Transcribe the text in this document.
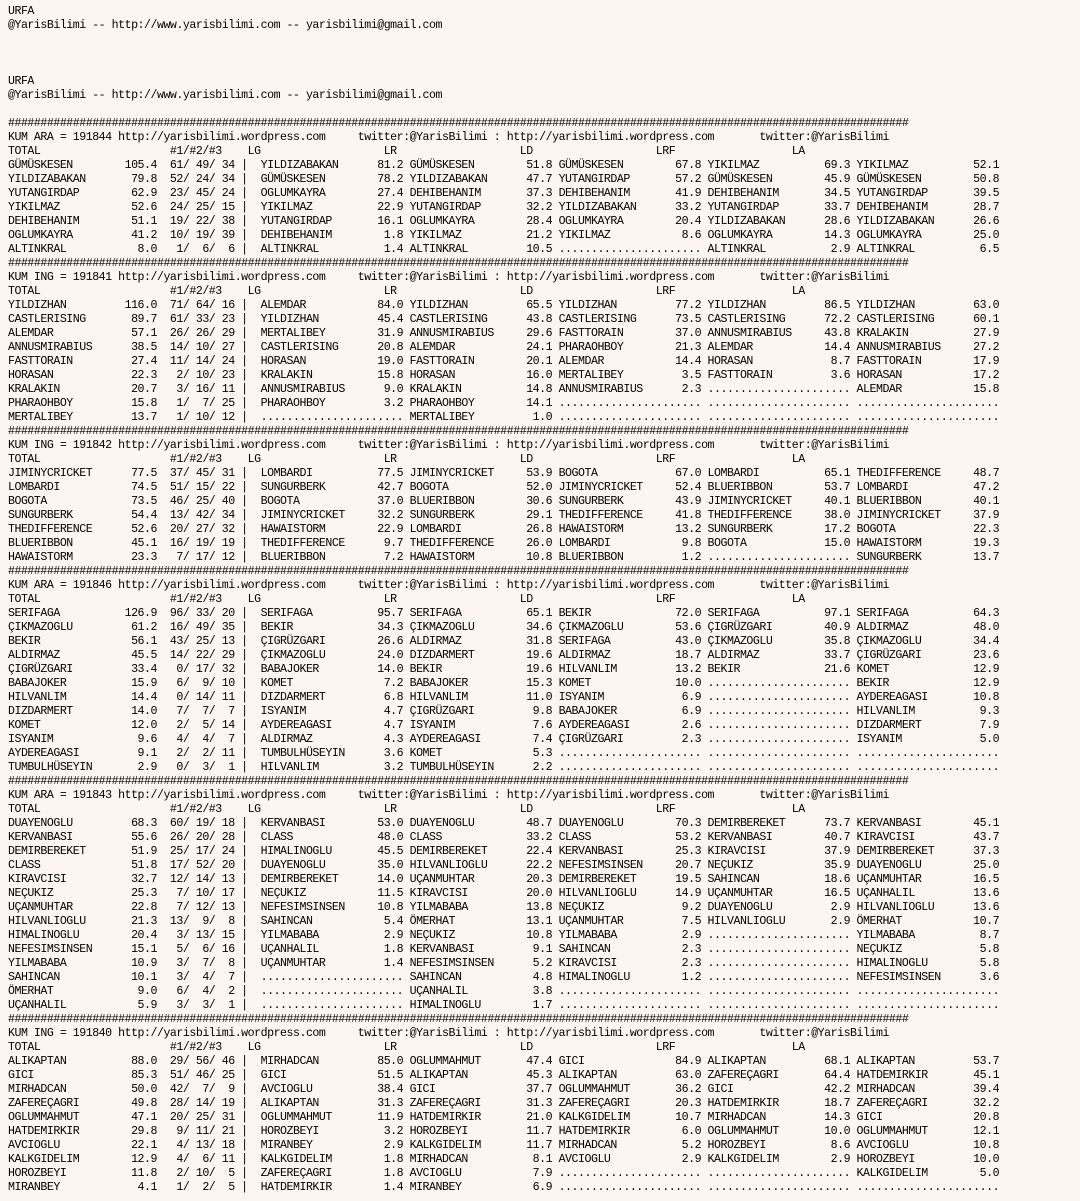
URFA
@YarisBilimi -- http://www.yarisbilimi.com -- yarisbilimi@gmail.com

URFA
@YarisBilimi -- http://www.yarisbilimi.com -- yarisbilimi@gmail.com

###########################################################################################################################################
KUM ARA = 191844 http://yarisbilimi.wordpress.com     twitter:@YarisBilimi : http://yarisbilimi.wordpress.com       twitter:@YarisBilimi
TOTAL                    #1/#2/#3    LG                   LR                   LD                   LRF                  LA
GÜMÜSKESEN        105.4  61/ 49/ 34 |  YILDIZABAKAN      81.2 GÜMÜSKESEN        51.8 GÜMÜSKESEN        67.8 YIKILMAZ          69.3 YIKILMAZ          52.1
YILDIZABAKAN       79.8  52/ 24/ 34 |  GÜMÜSKESEN        78.2 YILDIZABAKAN      47.7 YUTANGIRDAP       57.2 GÜMÜSKESEN        45.9 GÜMÜSKESEN        50.8
YUTANGIRDAP        62.9  23/ 45/ 24 |  OGLUMKAYRA        27.4 DEHIBEHANIM       37.3 DEHIBEHANIM       41.9 DEHIBEHANIM       34.5 YUTANGIRDAP       39.5
YIKILMAZ           52.6  24/ 25/ 15 |  YIKILMAZ          22.9 YUTANGIRDAP       32.2 YILDIZABAKAN      33.2 YUTANGIRDAP       33.7 DEHIBEHANIM       28.7
DEHIBEHANIM        51.1  19/ 22/ 38 |  YUTANGIRDAP       16.1 OGLUMKAYRA        28.4 OGLUMKAYRA        20.4 YILDIZABAKAN      28.6 YILDIZABAKAN      26.6
OGLUMKAYRA         41.2  10/ 19/ 39 |  DEHIBEHANIM        1.8 YIKILMAZ          21.2 YIKILMAZ           8.6 OGLUMKAYRA        14.3 OGLUMKAYRA        25.0
ALTINKRAL           8.0   1/  6/  6 |  ALTINKRAL          1.4 ALTINKRAL         10.5 ...................... ALTINKRAL          2.9 ALTINKRAL          6.5
###########################################################################################################################################
KUM ING = 191841 http://yarisbilimi.wordpress.com     twitter:@YarisBilimi : http://yarisbilimi.wordpress.com       twitter:@YarisBilimi
TOTAL                    #1/#2/#3    LG                   LR                   LD                   LRF                  LA
YILDIZHAN         116.0  71/ 64/ 16 |  ALEMDAR           84.0 YILDIZHAN         65.5 YILDIZHAN         77.2 YILDIZHAN         86.5 YILDIZHAN         63.0
CASTLERISING       89.7  61/ 33/ 23 |  YILDIZHAN         45.4 CASTLERISING      43.8 CASTLERISING      73.5 CASTLERISING      72.2 CASTLERISING      60.1
ALEMDAR            57.1  26/ 26/ 29 |  MERTALIBEY        31.9 ANNUSMIRABIUS     29.6 FASTTORAIN        37.0 ANNUSMIRABIUS     43.8 KRALAKIN          27.9
ANNUSMIRABIUS      38.5  14/ 10/ 27 |  CASTLERISING      20.8 ALEMDAR           24.1 PHARAOHBOY        21.3 ALEMDAR           14.4 ANNUSMIRABIUS     27.2
FASTTORAIN         27.4  11/ 14/ 24 |  HORASAN           19.0 FASTTORAIN        20.1 ALEMDAR           14.4 HORASAN            8.7 FASTTORAIN        17.9
HORASAN            22.3   2/ 10/ 23 |  KRALAKIN          15.8 HORASAN           16.0 MERTALIBEY         3.5 FASTTORAIN         3.6 HORASAN           17.2
KRALAKIN           20.7   3/ 16/ 11 |  ANNUSMIRABIUS      9.0 KRALAKIN          14.8 ANNUSMIRABIUS      2.3 ...................... ALEMDAR           15.8
PHARAOHBOY         15.8   1/  7/ 25 |  PHARAOHBOY         3.2 PHARAOHBOY        14.1 ...................... ...................... ......................
MERTALIBEY         13.7   1/ 10/ 12 |  ...................... MERTALIBEY         1.0 ...................... ...................... ......................
###########################################################################################################################################
KUM ING = 191842 http://yarisbilimi.wordpress.com     twitter:@YarisBilimi : http://yarisbilimi.wordpress.com       twitter:@YarisBilimi
TOTAL                    #1/#2/#3    LG                   LR                   LD                   LRF                  LA
JIMINYCRICKET      77.5  37/ 45/ 31 |  LOMBARDI          77.5 JIMINYCRICKET     53.9 BOGOTA            67.0 LOMBARDI          65.1 THEDIFFERENCE     48.7
LOMBARDI           74.5  51/ 15/ 22 |  SUNGURBERK        42.7 BOGOTA            52.0 JIMINYCRICKET     52.4 BLUERIBBON        53.7 LOMBARDI          47.2
BOGOTA             73.5  46/ 25/ 40 |  BOGOTA            37.0 BLUERIBBON        30.6 SUNGURBERK        43.9 JIMINYCRICKET     40.1 BLUERIBBON        40.1
SUNGURBERK         54.4  13/ 42/ 34 |  JIMINYCRICKET     32.2 SUNGURBERK        29.1 THEDIFFERENCE     41.8 THEDIFFERENCE     38.0 JIMINYCRICKET     37.9
THEDIFFERENCE      52.6  20/ 27/ 32 |  HAWAISTORM        22.9 LOMBARDI          26.8 HAWAISTORM        13.2 SUNGURBERK        17.2 BOGOTA            22.3
BLUERIBBON         45.1  16/ 19/ 19 |  THEDIFFERENCE      9.7 THEDIFFERENCE     26.0 LOMBARDI           9.8 BOGOTA            15.0 HAWAISTORM        19.3
HAWAISTORM         23.3   7/ 17/ 12 |  BLUERIBBON         7.2 HAWAISTORM        10.8 BLUERIBBON         1.2 ...................... SUNGURBERK        13.7
###########################################################################################################################################
KUM ARA = 191846 http://yarisbilimi.wordpress.com     twitter:@YarisBilimi : http://yarisbilimi.wordpress.com       twitter:@YarisBilimi
TOTAL                    #1/#2/#3    LG                   LR                   LD                   LRF                  LA
SERIFAGA          126.9  96/ 33/ 20 |  SERIFAGA          95.7 SERIFAGA          65.1 BEKIR             72.0 SERIFAGA          97.1 SERIFAGA          64.3
ÇIKMAZOGLU         61.2  16/ 49/ 35 |  BEKIR             34.3 ÇIKMAZOGLU        34.6 ÇIKMAZOGLU        53.6 ÇIGRÜZGARI        40.9 ALDIRMAZ          48.0
BEKIR              56.1  43/ 25/ 13 |  ÇIGRÜZGARI        26.6 ALDIRMAZ          31.8 SERIFAGA          43.0 ÇIKMAZOGLU        35.8 ÇIKMAZOGLU        34.4
ALDIRMAZ           45.5  14/ 22/ 29 |  ÇIKMAZOGLU        24.0 DIZDARMERT        19.6 ALDIRMAZ          18.7 ALDIRMAZ          33.7 ÇIGRÜZGARI        23.6
ÇIGRÜZGARI         33.4   0/ 17/ 32 |  BABAJOKER         14.0 BEKIR             19.6 HILVANLIM         13.2 BEKIR             21.6 KOMET             12.9
BABAJOKER          15.9   6/  9/ 10 |  KOMET              7.2 BABAJOKER         15.3 KOMET             10.0 ...................... BEKIR             12.9
HILVANLIM          14.4   0/ 14/ 11 |  DIZDARMERT         6.8 HILVANLIM         11.0 ISYANIM            6.9 ...................... AYDEREAGASI       10.8
DIZDARMERT         14.0   7/  7/  7 |  ISYANIM            4.7 ÇIGRÜZGARI         9.8 BABAJOKER          6.9 ...................... HILVANLIM          9.3
KOMET              12.0   2/  5/ 14 |  AYDEREAGASI        4.7 ISYANIM            7.6 AYDEREAGASI        2.6 ...................... DIZDARMERT         7.9
ISYANIM             9.6   4/  4/  7 |  ALDIRMAZ           4.3 AYDEREAGASI        7.4 ÇIGRÜZGARI         2.3 ...................... ISYANIM            5.0
AYDEREAGASI         9.1   2/  2/ 11 |  TUMBULHÜSEYIN      3.6 KOMET              5.3 ...................... ...................... ......................
TUMBULHÜSEYIN       2.9   0/  3/  1 |  HILVANLIM          3.2 TUMBULHÜSEYIN      2.2 ...................... ...................... ......................
###########################################################################################################################################
KUM ARA = 191843 http://yarisbilimi.wordpress.com     twitter:@YarisBilimi : http://yarisbilimi.wordpress.com       twitter:@YarisBilimi
TOTAL                    #1/#2/#3    LG                   LR                   LD                   LRF                  LA
DUAYENOGLU         68.3  60/ 19/ 18 |  KERVANBASI        53.0 DUAYENOGLU        48.7 DUAYENOGLU        70.3 DEMIRBEREKET      73.7 KERVANBASI        45.1
KERVANBASI         55.6  26/ 20/ 28 |  CLASS             48.0 CLASS             33.2 CLASS             53.2 KERVANBASI        40.7 KIRAVCISI         43.7
DEMIRBEREKET       51.9  25/ 17/ 24 |  HIMALINOGLU       45.5 DEMIRBEREKET      22.4 KERVANBASI        25.3 KIRAVCISI         37.9 DEMIRBEREKET      37.3
CLASS              51.8  17/ 52/ 20 |  DUAYENOGLU        35.0 HILVANLIOGLU      22.2 NEFESIMSINSEN     20.7 NEÇUKIZ           35.9 DUAYENOGLU        25.0
KIRAVCISI          32.7  12/ 14/ 13 |  DEMIRBEREKET      14.0 UÇANMUHTAR        20.3 DEMIRBEREKET      19.5 SAHINCAN          18.6 UÇANMUHTAR        16.5
NEÇUKIZ            25.3   7/ 10/ 17 |  NEÇUKIZ           11.5 KIRAVCISI         20.0 HILVANLIOGLU      14.9 UÇANMUHTAR        16.5 UÇANHALIL         13.6
UÇANMUHTAR         22.8   7/ 12/ 13 |  NEFESIMSINSEN     10.8 YILMABABA         13.8 NEÇUKIZ            9.2 DUAYENOGLU         2.9 HILVANLIOGLU      13.6
HILVANLIOGLU       21.3  13/  9/  8 |  SAHINCAN           5.4 ÖMERHAT           13.1 UÇANMUHTAR         7.5 HILVANLIOGLU       2.9 ÖMERHAT           10.7
HIMALINOGLU        20.4   3/ 13/ 15 |  YILMABABA          2.9 NEÇUKIZ           10.8 YILMABABA          2.9 ...................... YILMABABA          8.7
NEFESIMSINSEN      15.1   5/  6/ 16 |  UÇANHALIL          1.8 KERVANBASI         9.1 SAHINCAN           2.3 ...................... NEÇUKIZ            5.8
YILMABABA          10.9   3/  7/  8 |  UÇANMUHTAR         1.4 NEFESIMSINSEN      5.2 KIRAVCISI          2.3 ...................... HIMALINOGLU        5.8
SAHINCAN           10.1   3/  4/  7 |  ...................... SAHINCAN           4.8 HIMALINOGLU        1.2 ...................... NEFESIMSINSEN      3.6
ÖMERHAT             9.0   6/  4/  2 |  ...................... UÇANHALIL          3.8 ...................... ...................... ......................
UÇANHALIL           5.9   3/  3/  1 |  ...................... HIMALINOGLU        1.7 ...................... ...................... ......................
###########################################################################################################################################
KUM ING = 191840 http://yarisbilimi.wordpress.com     twitter:@YarisBilimi : http://yarisbilimi.wordpress.com       twitter:@YarisBilimi
TOTAL                    #1/#2/#3    LG                   LR                   LD                   LRF                  LA
ALIKAPTAN          88.0  29/ 56/ 46 |  MIRHADCAN         85.0 OGLUMMAHMUT       47.4 GICI              84.9 ALIKAPTAN         68.1 ALIKAPTAN         53.7
GICI               85.3  51/ 46/ 25 |  GICI              51.5 ALIKAPTAN         45.3 ALIKAPTAN         63.0 ZAFEREÇAGRI       64.4 HATDEMIRKIR       45.1
MIRHADCAN          50.0  42/  7/  9 |  AVCIOGLU          38.4 GICI              37.7 OGLUMMAHMUT       36.2 GICI              42.2 MIRHADCAN         39.4
ZAFEREÇAGRI        49.8  28/ 14/ 19 |  ALIKAPTAN         31.3 ZAFEREÇAGRI       31.3 ZAFEREÇAGRI       20.3 HATDEMIRKIR       18.7 ZAFEREÇAGRI       32.2
OGLUMMAHMUT        47.1  20/ 25/ 31 |  OGLUMMAHMUT       11.9 HATDEMIRKIR       21.0 KALKGIDELIM       10.7 MIRHADCAN         14.3 GICI              20.8
HATDEMIRKIR        29.8   9/ 11/ 21 |  HOROZBEYI          3.2 HOROZBEYI         11.7 HATDEMIRKIR        6.0 OGLUMMAHMUT       10.0 OGLUMMAHMUT       12.1
AVCIOGLU           22.1   4/ 13/ 18 |  MIRANBEY           2.9 KALKGIDELIM       11.7 MIRHADCAN          5.2 HOROZBEYI          8.6 AVCIOGLU          10.8
KALKGIDELIM        12.9   4/  6/ 11 |  KALKGIDELIM        1.8 MIRHADCAN          8.1 AVCIOGLU           2.9 KALKGIDELIM        2.9 HOROZBEYI         10.0
HOROZBEYI          11.8   2/ 10/  5 |  ZAFEREÇAGRI        1.8 AVCIOGLU           7.9 ...................... ...................... KALKGIDELIM        5.0
MIRANBEY            4.1   1/  2/  5 |  HATDEMIRKIR        1.4 MIRANBEY           6.9 ...................... ...................... ......................
